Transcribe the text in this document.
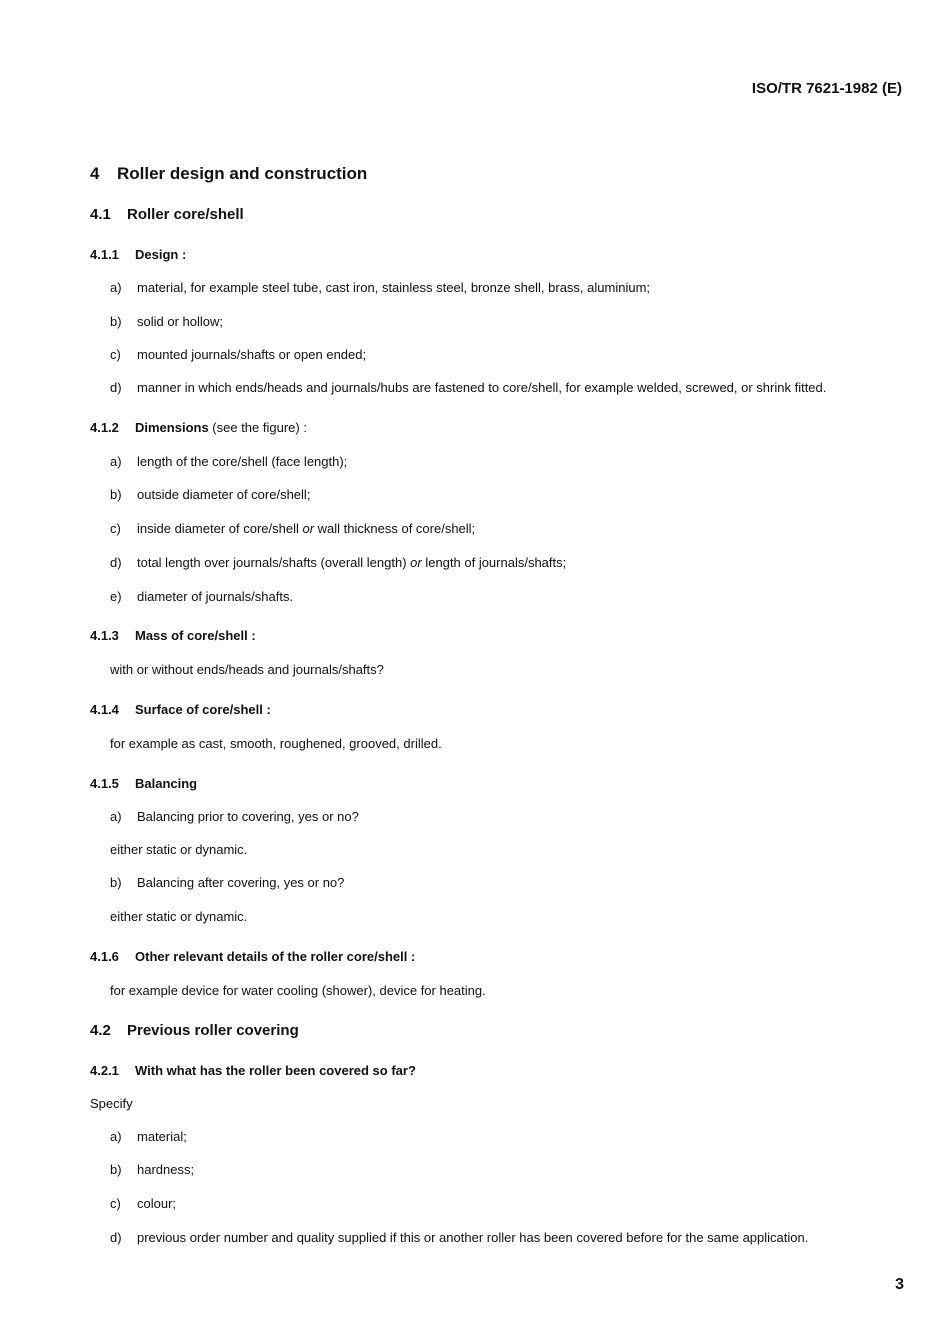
ISO/TR 7621-1982 (E)
4 Roller design and construction
4.1 Roller core/shell
4.1.1 Design :
a) material, for example steel tube, cast iron, stainless steel, bronze shell, brass, aluminium;
b) solid or hollow;
c) mounted journals/shafts or open ended;
d) manner in which ends/heads and journals/hubs are fastened to core/shell, for example welded, screwed, or shrink fitted.
4.1.2 Dimensions (see the figure) :
a) length of the core/shell (face length);
b) outside diameter of core/shell;
c) inside diameter of core/shell or wall thickness of core/shell;
d) total length over journals/shafts (overall length) or length of journals/shafts;
e) diameter of journals/shafts.
4.1.3 Mass of core/shell :
with or without ends/heads and journals/shafts?
4.1.4 Surface of core/shell :
for example as cast, smooth, roughened, grooved, drilled.
4.1.5 Balancing
a) Balancing prior to covering, yes or no?
either static or dynamic.
b) Balancing after covering, yes or no?
either static or dynamic.
4.1.6 Other relevant details of the roller core/shell :
for example device for water cooling (shower), device for heating.
4.2 Previous roller covering
4.2.1 With what has the roller been covered so far?
Specify
a) material;
b) hardness;
c) colour;
d) previous order number and quality supplied if this or another roller has been covered before for the same application.
3
